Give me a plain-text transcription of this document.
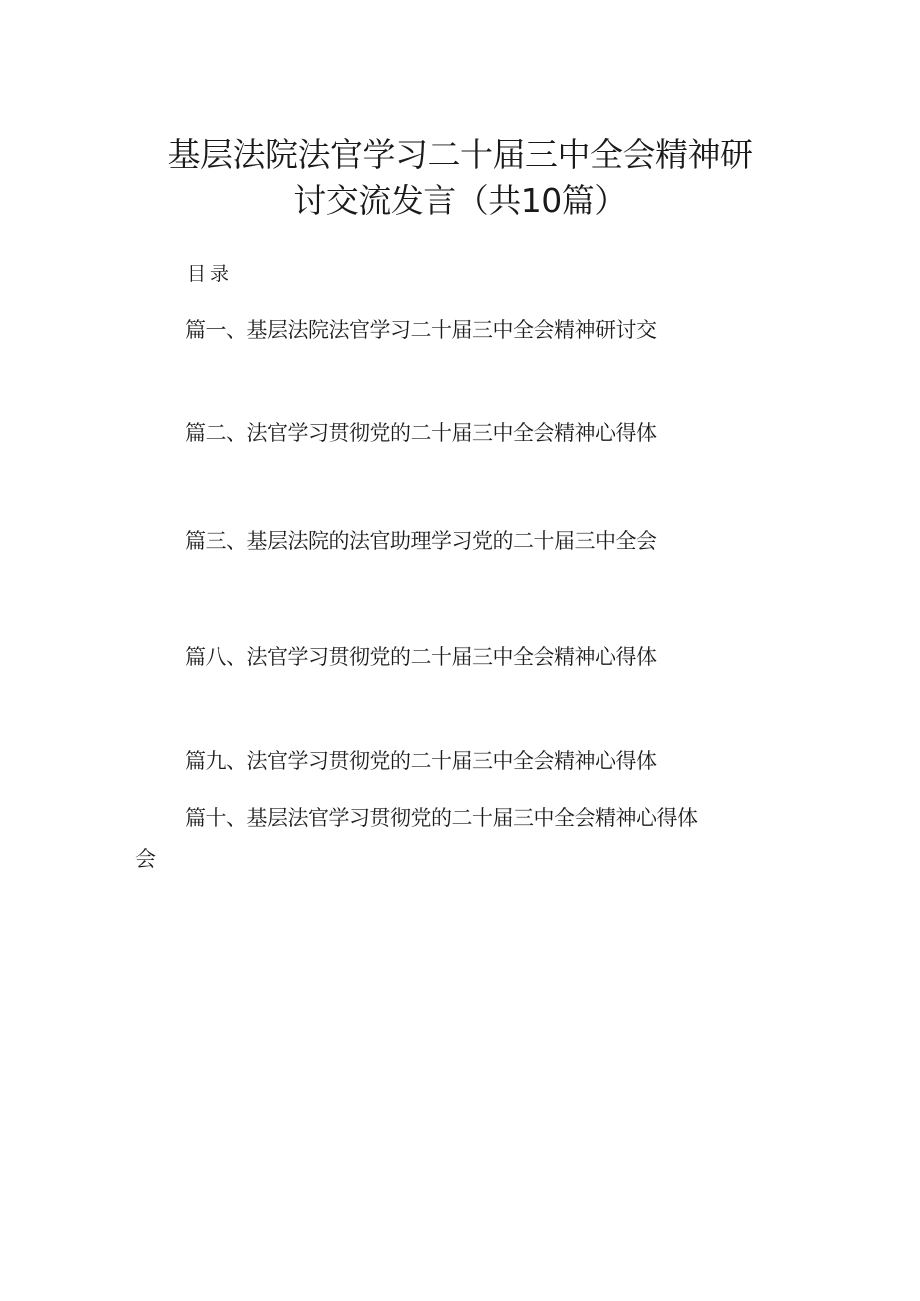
基层法院法官学习二十届三中全会精神研
讨交流发言（共10篇）
目录
篇一、基层法院法官学习二十届三中全会精神研讨交
篇二、法官学习贯彻党的二十届三中全会精神心得体
篇三、基层法院的法官助理学习党的二十届三中全会
篇八、法官学习贯彻党的二十届三中全会精神心得体
篇九、法官学习贯彻党的二十届三中全会精神心得体
篇十、基层法官学习贯彻党的二十届三中全会精神心得体
会
